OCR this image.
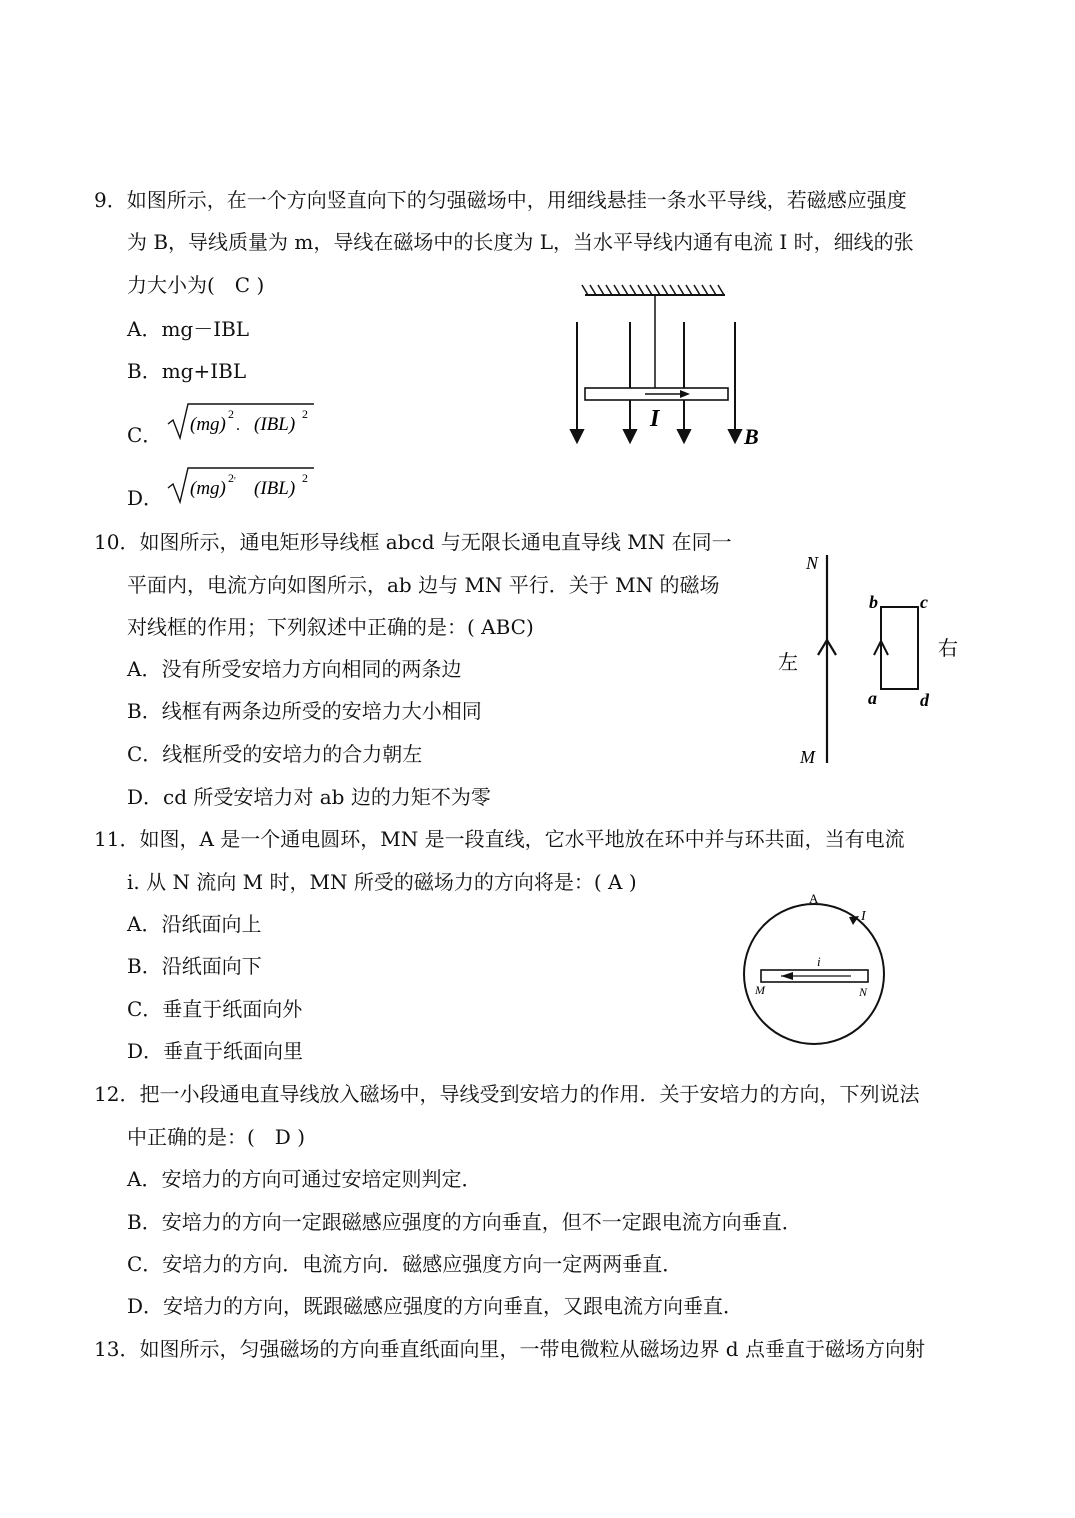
9．如图所示，在一个方向竖直向下的匀强磁场中，用细线悬挂一条水平导线，若磁感应强度
为 B，导线质量为 m，导线在磁场中的长度为 L，当水平导线内通有电流 I 时，细线的张
力大小为(　C )
A．mg－IBL
B．mg+IBL
C．
D．
(mg) 2
. (IBL) 2
(mg) 2 ' (IBL) 2
I
B
10．如图所示，通电矩形导线框 abcd 与无限长通电直导线 MN 在同一
平面内，电流方向如图所示，ab 边与 MN 平行．关于 MN 的磁场
对线框的作用；下列叙述中正确的是：( ABC)
A．没有所受安培力方向相同的两条边
B．线框有两条边所受的安培力大小相同
C．线框所受的安培力的合力朝左
D．cd 所受安培力对 ab 边的力矩不为零
N
M
左
右
b c
a d
11．如图，A 是一个通电圆环，MN 是一段直线，它水平地放在环中并与环共面，当有电流
i. 从 N 流向 M 时，MN 所受的磁场力的方向将是：( A )
A．沿纸面向上
B．沿纸面向下
C．垂直于纸面向外
D．垂直于纸面向里
A
I
i
M	N
12．把一小段通电直导线放入磁场中，导线受到安培力的作用．关于安培力的方向，下列说法
中正确的是：(　D )
A．安培力的方向可通过安培定则判定．
B．安培力的方向一定跟磁感应强度的方向垂直，但不一定跟电流方向垂直．
C．安培力的方向．电流方向．磁感应强度方向一定两两垂直．
D．安培力的方向，既跟磁感应强度的方向垂直，又跟电流方向垂直．
13．如图所示，匀强磁场的方向垂直纸面向里，一带电微粒从磁场边界 d 点垂直于磁场方向射
